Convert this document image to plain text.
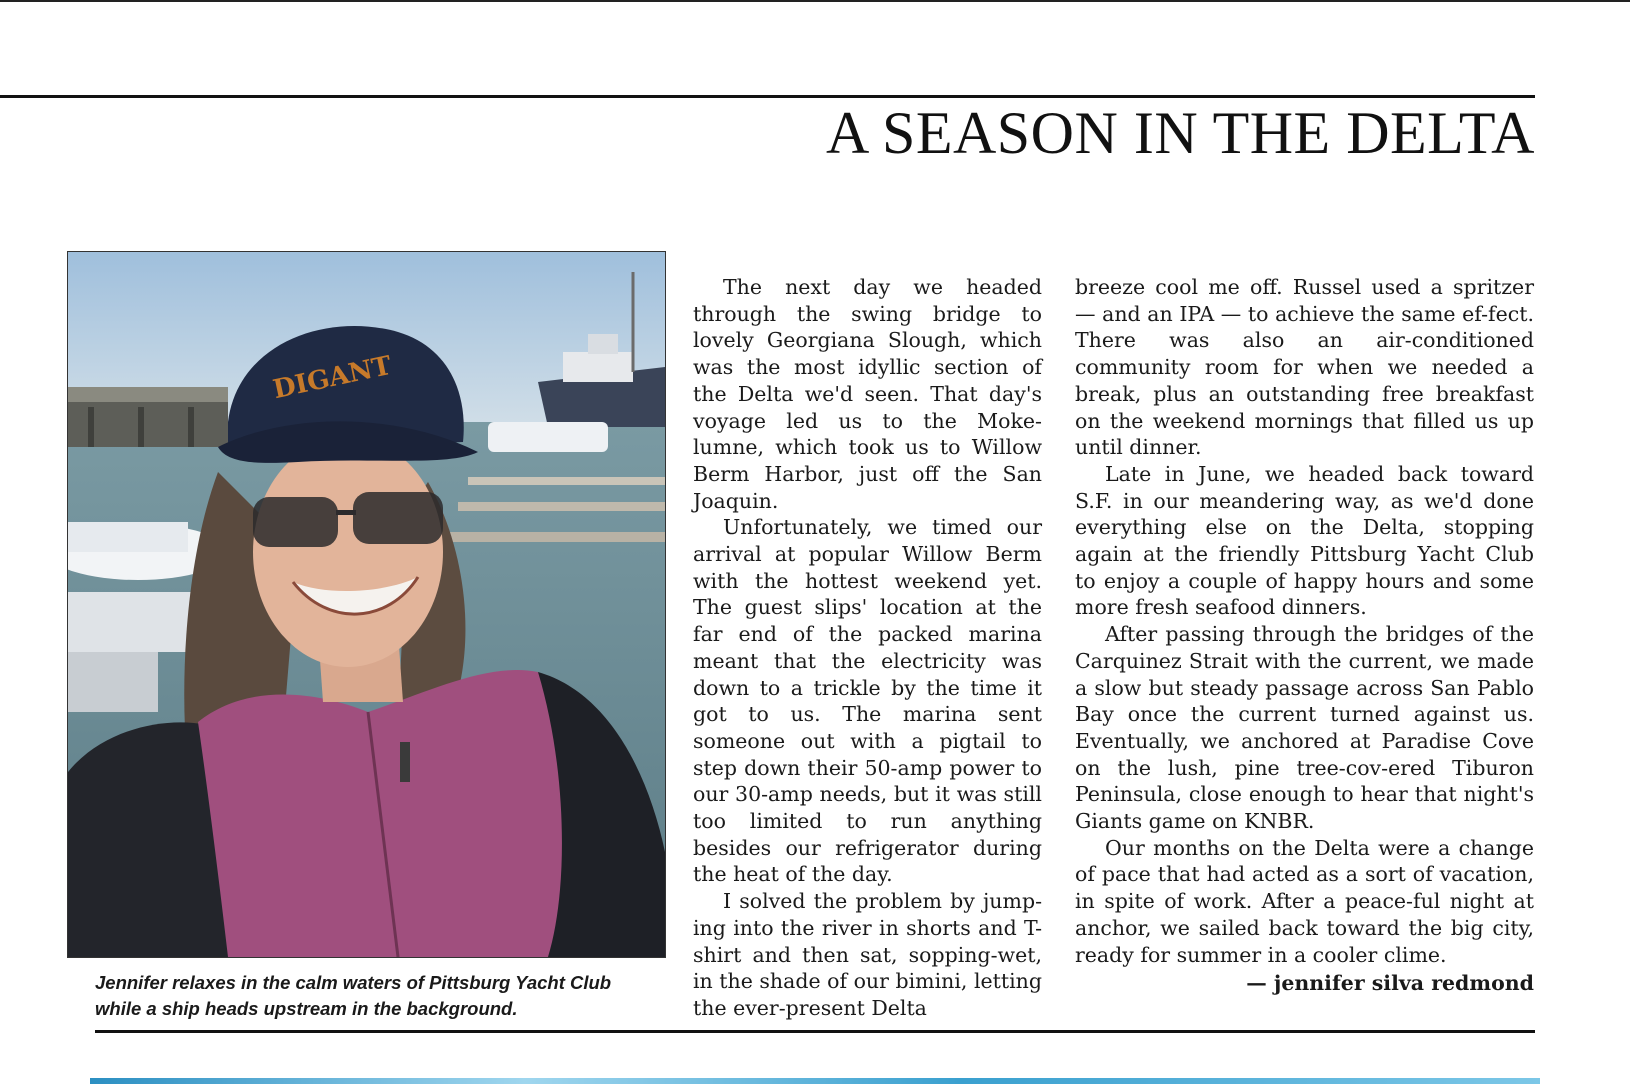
A SEASON IN THE DELTA
DIGANT
Jennifer relaxes in the calm waters of Pittsburg Yacht Club
while a ship heads upstream in the background.

The next day we headed through the swing bridge to lovely Georgiana Slough, which was the most idyllic section of the Delta we'd seen. That day's voyage led us to the Moke-lumne, which took us to Willow Berm Harbor, just off the San Joaquin.

Unfortunately, we timed our arrival at popular Willow Berm with the hottest weekend yet. The guest slips' location at the far end of the packed marina meant that the electricity was down to a trickle by the time it got to us. The marina sent someone out with a pigtail to step down their 50-amp power to our 30-amp needs, but it was still too limited to run anything besides our refrigerator during the heat of the day.

I solved the problem by jump-ing into the river in shorts and T-shirt and then sat, sopping-wet, in the shade of our bimini, letting the ever-present Delta

breeze cool me off. Russel used a spritzer — and an IPA — to achieve the same ef-fect. There was also an air-conditioned community room for when we needed a break, plus an outstanding free breakfast on the weekend mornings that filled us up until dinner.

Late in June, we headed back toward S.F. in our meandering way, as we'd done everything else on the Delta, stopping again at the friendly Pittsburg Yacht Club to enjoy a couple of happy hours and some more fresh seafood dinners.

After passing through the bridges of the Carquinez Strait with the current, we made a slow but steady passage across San Pablo Bay once the current turned against us. Eventually, we anchored at Paradise Cove on the lush, pine tree-cov-ered Tiburon Peninsula, close enough to hear that night's Giants game on KNBR.

Our months on the Delta were a change of pace that had acted as a sort of vacation, in spite of work. After a peace-ful night at anchor, we sailed back toward the big city, ready for summer in a cooler clime.

— jennifer silva redmond
